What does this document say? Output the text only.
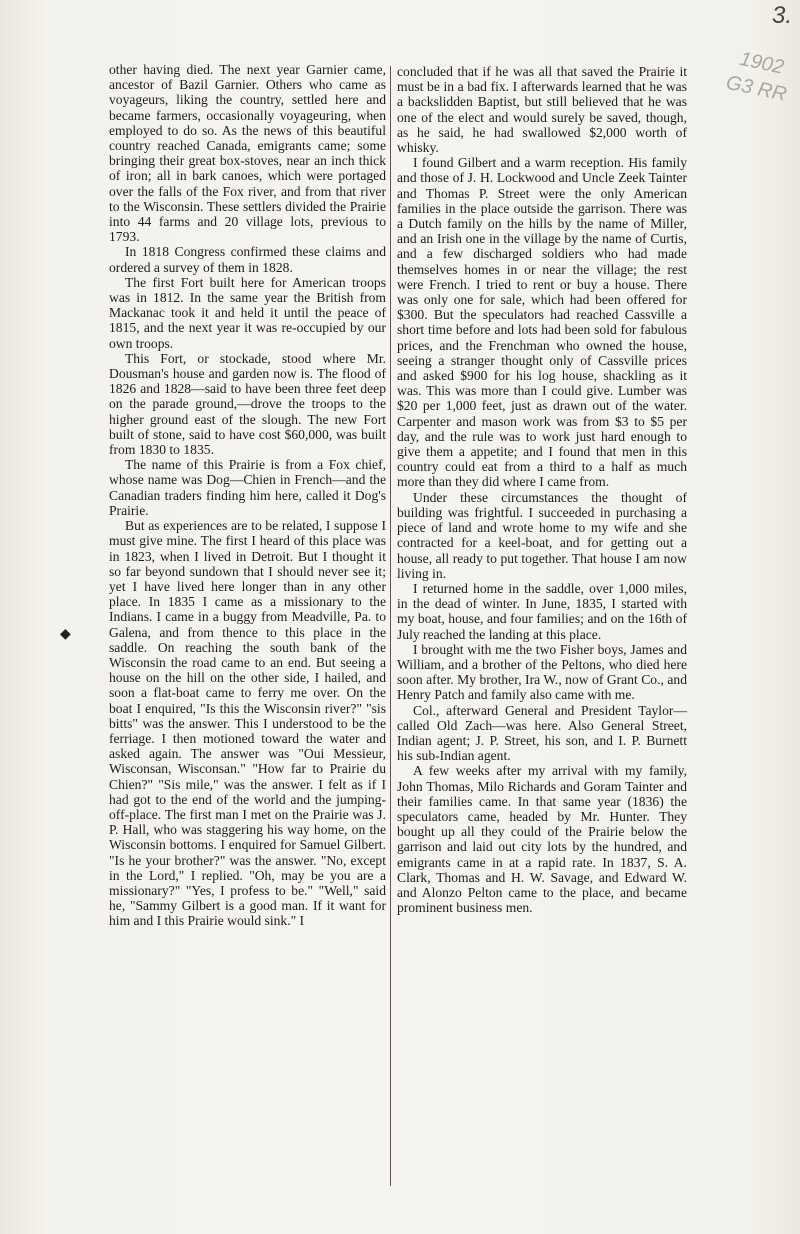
3.
1902 G3 RR
◆

other having died. The next year Garnier came, ancestor of Bazil Garnier. Others who came as voyageurs, liking the country, settled here and became farmers, occasionally voyageuring, when employed to do so. As the news of this beautiful country reached Canada, emigrants came; some bringing their great box-stoves, near an inch thick of iron; all in bark canoes, which were portaged over the falls of the Fox river, and from that river to the Wisconsin. These settlers divided the Prairie into 44 farms and 20 village lots, previous to 1793.

In 1818 Congress confirmed these claims and ordered a survey of them in 1828.

The first Fort built here for American troops was in 1812. In the same year the British from Mackanac took it and held it until the peace of 1815, and the next year it was re-occupied by our own troops.

This Fort, or stockade, stood where Mr. Dousman's house and garden now is. The flood of 1826 and 1828—said to have been three feet deep on the parade ground,—drove the troops to the higher ground east of the slough. The new Fort built of stone, said to have cost $60,000, was built from 1830 to 1835.

The name of this Prairie is from a Fox chief, whose name was Dog—Chien in French—and the Canadian traders finding him here, called it Dog's Prairie.

But as experiences are to be related, I suppose I must give mine. The first I heard of this place was in 1823, when I lived in Detroit. But I thought it so far beyond sundown that I should never see it; yet I have lived here longer than in any other place. In 1835 I came as a missionary to the Indians. I came in a buggy from Meadville, Pa. to Galena, and from thence to this place in the saddle. On reaching the south bank of the Wisconsin the road came to an end. But seeing a house on the hill on the other side, I hailed, and soon a flat-boat came to ferry me over. On the boat I enquired, "Is this the Wisconsin river?" "sis bitts" was the answer. This I understood to be the ferriage. I then motioned toward the water and asked again. The answer was "Oui Messieur, Wisconsan, Wisconsan." "How far to Prairie du Chien?" "Sis mile," was the answer. I felt as if I had got to the end of the world and the jumping-off-place. The first man I met on the Prairie was J. P. Hall, who was staggering his way home, on the Wisconsin bottoms. I enquired for Samuel Gilbert. "Is he your brother?" was the answer. "No, except in the Lord," I replied. "Oh, may be you are a missionary?" "Yes, I profess to be." "Well," said he, "Sammy Gilbert is a good man. If it want for him and I this Prairie would sink." I

concluded that if he was all that saved the Prairie it must be in a bad fix. I afterwards learned that he was a backslidden Baptist, but still believed that he was one of the elect and would surely be saved, though, as he said, he had swallowed $2,000 worth of whisky.

I found Gilbert and a warm reception. His family and those of J. H. Lockwood and Uncle Zeek Tainter and Thomas P. Street were the only American families in the place outside the garrison. There was a Dutch family on the hills by the name of Miller, and an Irish one in the village by the name of Curtis, and a few discharged soldiers who had made themselves homes in or near the village; the rest were French. I tried to rent or buy a house. There was only one for sale, which had been offered for $300. But the speculators had reached Cassville a short time before and lots had been sold for fabulous prices, and the Frenchman who owned the house, seeing a stranger thought only of Cassville prices and asked $900 for his log house, shackling as it was. This was more than I could give. Lumber was $20 per 1,000 feet, just as drawn out of the water. Carpenter and mason work was from $3 to $5 per day, and the rule was to work just hard enough to give them a appetite; and I found that men in this country could eat from a third to a half as much more than they did where I came from.

Under these circumstances the thought of building was frightful. I succeeded in purchasing a piece of land and wrote home to my wife and she contracted for a keel-boat, and for getting out a house, all ready to put together. That house I am now living in.

I returned home in the saddle, over 1,000 miles, in the dead of winter. In June, 1835, I started with my boat, house, and four families; and on the 16th of July reached the landing at this place.

I brought with me the two Fisher boys, James and William, and a brother of the Peltons, who died here soon after. My brother, Ira W., now of Grant Co., and Henry Patch and family also came with me.

Col., afterward General and President Taylor—called Old Zach—was here. Also General Street, Indian agent; J. P. Street, his son, and I. P. Burnett his sub-Indian agent.

A few weeks after my arrival with my family, John Thomas, Milo Richards and Goram Tainter and their families came. In that same year (1836) the speculators came, headed by Mr. Hunter. They bought up all they could of the Prairie below the garrison and laid out city lots by the hundred, and emigrants came in at a rapid rate. In 1837, S. A. Clark, Thomas and H. W. Savage, and Edward W. and Alonzo Pelton came to the place, and became prominent business men.
